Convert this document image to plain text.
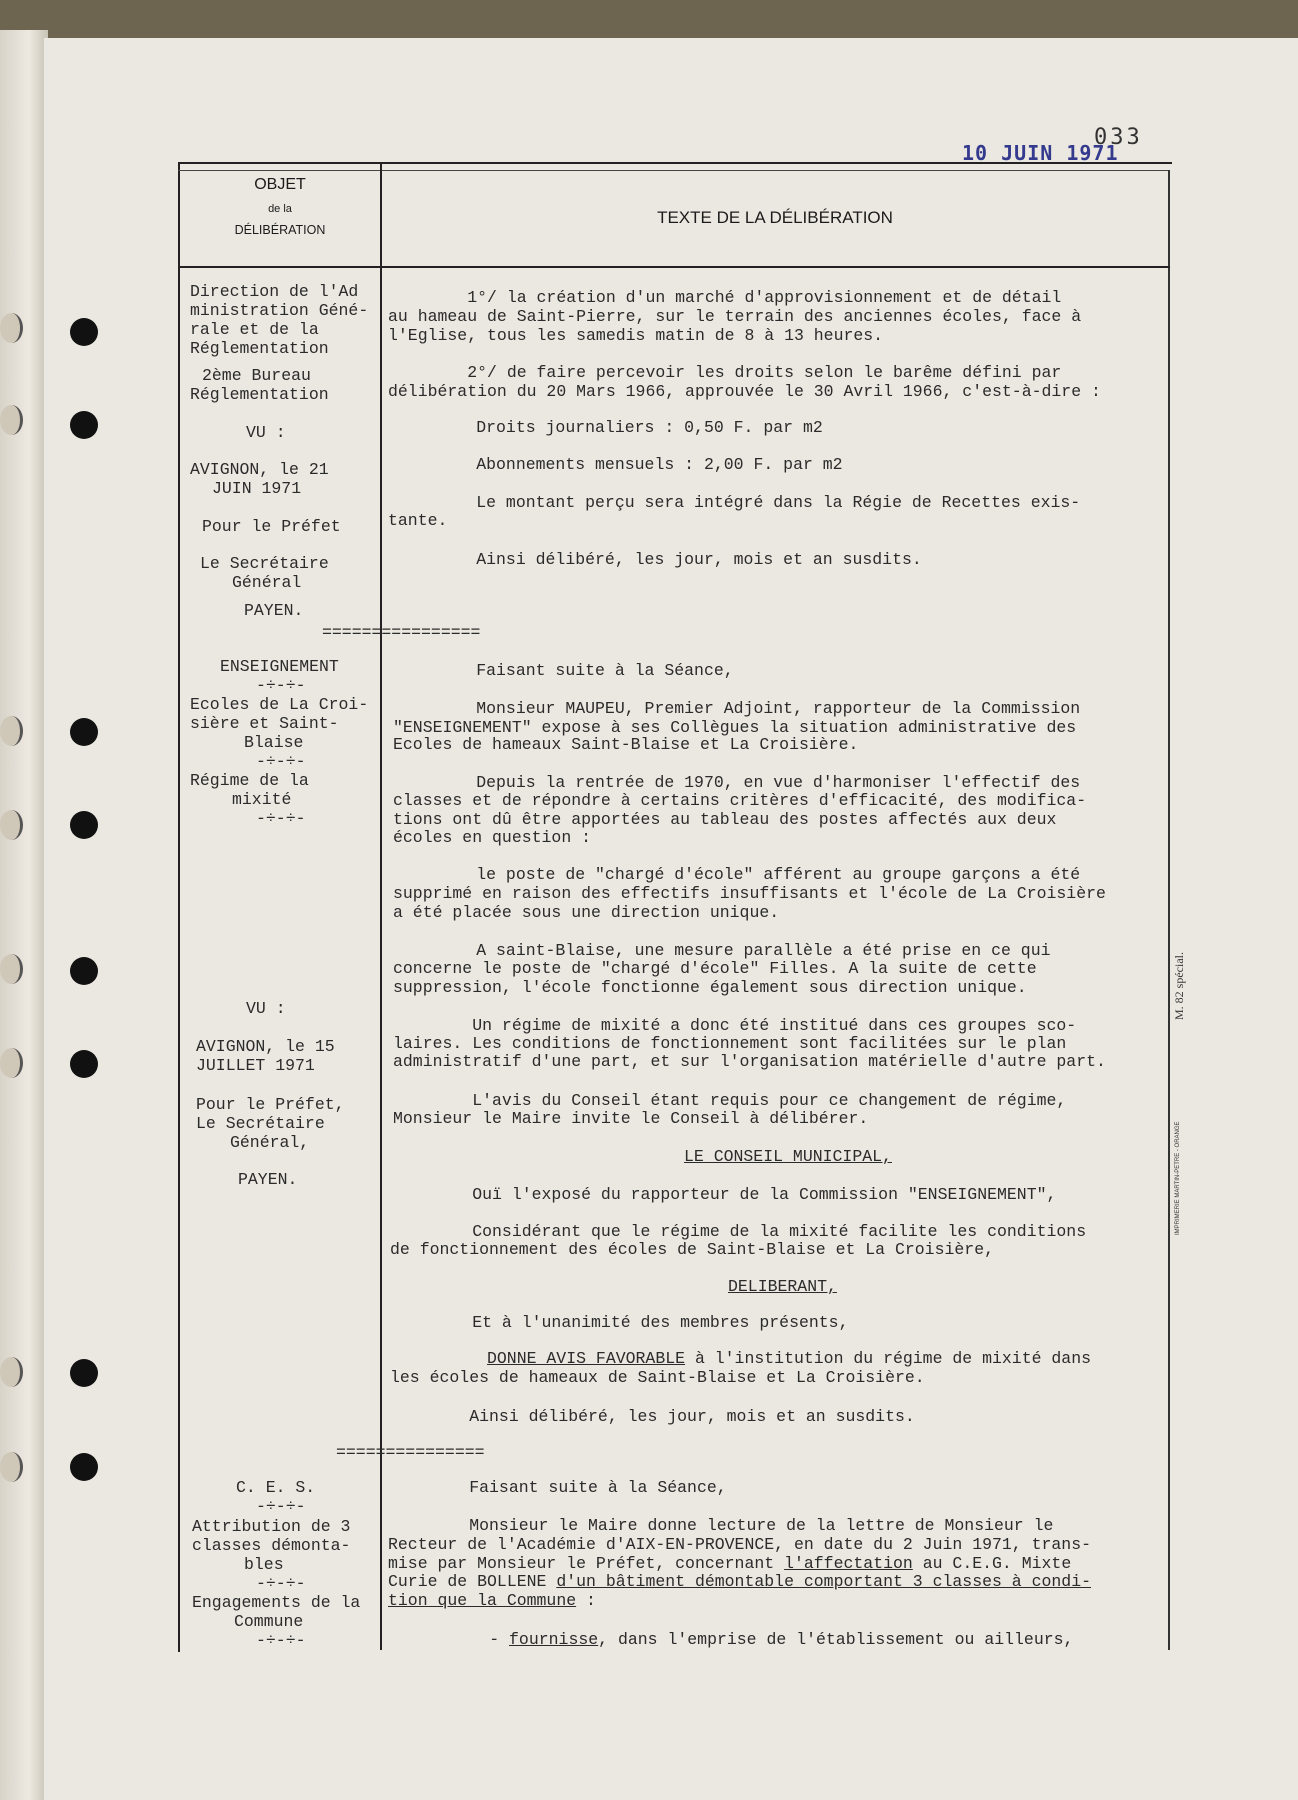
10 JUIN 1971
033
OBJET
de la
DÉLIBÉRATION
TEXTE DE LA DÉLIBÉRATION
Direction de l'Ad
ministration Géné-
rale et de la
Réglementation
2ème Bureau
Réglementation
VU :
AVIGNON, le 21
JUIN 1971
Pour le Préfet
Le Secrétaire
Général
PAYEN.
================
ENSEIGNEMENT
-÷-÷-
Ecoles de La Croi-
sière et Saint-
Blaise
-÷-÷-
Régime de la
mixité
-÷-÷-
VU :
AVIGNON, le 15
JUILLET 1971
Pour le Préfet,
Le Secrétaire
Général,
PAYEN.
===============
C. E. S.
-÷-÷-
Attribution de 3
classes démonta-
bles
-÷-÷-
Engagements de la
Commune
-÷-÷-
1°/ la création d'un marché d'approvisionnement et de détail
au hameau de Saint-Pierre, sur le terrain des anciennes écoles, face à
l'Eglise, tous les samedis matin de 8 à 13 heures.
2°/ de faire percevoir les droits selon le barême défini par
délibération du 20 Mars 1966, approuvée le 30 Avril 1966, c'est-à-dire :
Droits journaliers : 0,50 F. par m2
Abonnements mensuels : 2,00 F. par m2
Le montant perçu sera intégré dans la Régie de Recettes exis-
tante.
Ainsi délibéré, les jour, mois et an susdits.
Faisant suite à la Séance,
Monsieur MAUPEU, Premier Adjoint, rapporteur de la Commission
"ENSEIGNEMENT" expose à ses Collègues la situation administrative des
Ecoles de hameaux Saint-Blaise et La Croisière.
Depuis la rentrée de 1970, en vue d'harmoniser l'effectif des
classes et de répondre à certains critères d'efficacité, des modifica-
tions ont dû être apportées au tableau des postes affectés aux deux
écoles en question :
le poste de "chargé d'école" afférent au groupe garçons a été
supprimé en raison des effectifs insuffisants et l'école de La Croisière
a été placée sous une direction unique.
A saint-Blaise, une mesure parallèle a été prise en ce qui
concerne le poste de "chargé d'école" Filles. A la suite de cette
suppression, l'école fonctionne également sous direction unique.
Un régime de mixité a donc été institué dans ces groupes sco-
laires. Les conditions de fonctionnement sont facilitées sur le plan
administratif d'une part, et sur l'organisation matérielle d'autre part.
L'avis du Conseil étant requis pour ce changement de régime,
Monsieur le Maire invite le Conseil à délibérer.
LE CONSEIL MUNICIPAL,
Ouï l'exposé du rapporteur de la Commission "ENSEIGNEMENT",
Considérant que le régime de la mixité facilite les conditions
de fonctionnement des écoles de Saint-Blaise et La Croisière,
DELIBERANT,
Et à l'unanimité des membres présents,
DONNE AVIS FAVORABLE à l'institution du régime de mixité dans
les écoles de hameaux de Saint-Blaise et La Croisière.
Ainsi délibéré, les jour, mois et an susdits.
Faisant suite à la Séance,
Monsieur le Maire donne lecture de la lettre de Monsieur le
Recteur de l'Académie d'AIX-EN-PROVENCE, en date du 2 Juin 1971, trans-
mise par Monsieur le Préfet, concernant l'affectation au C.E.G. Mixte
Curie de BOLLENE d'un bâtiment démontable comportant 3 classes à condi-
tion que la Commune :
- fournisse, dans l'emprise de l'établissement ou ailleurs,
M. 82 spécial.
IMPRIMERIE MARTIN-PETRE - ORANGE
